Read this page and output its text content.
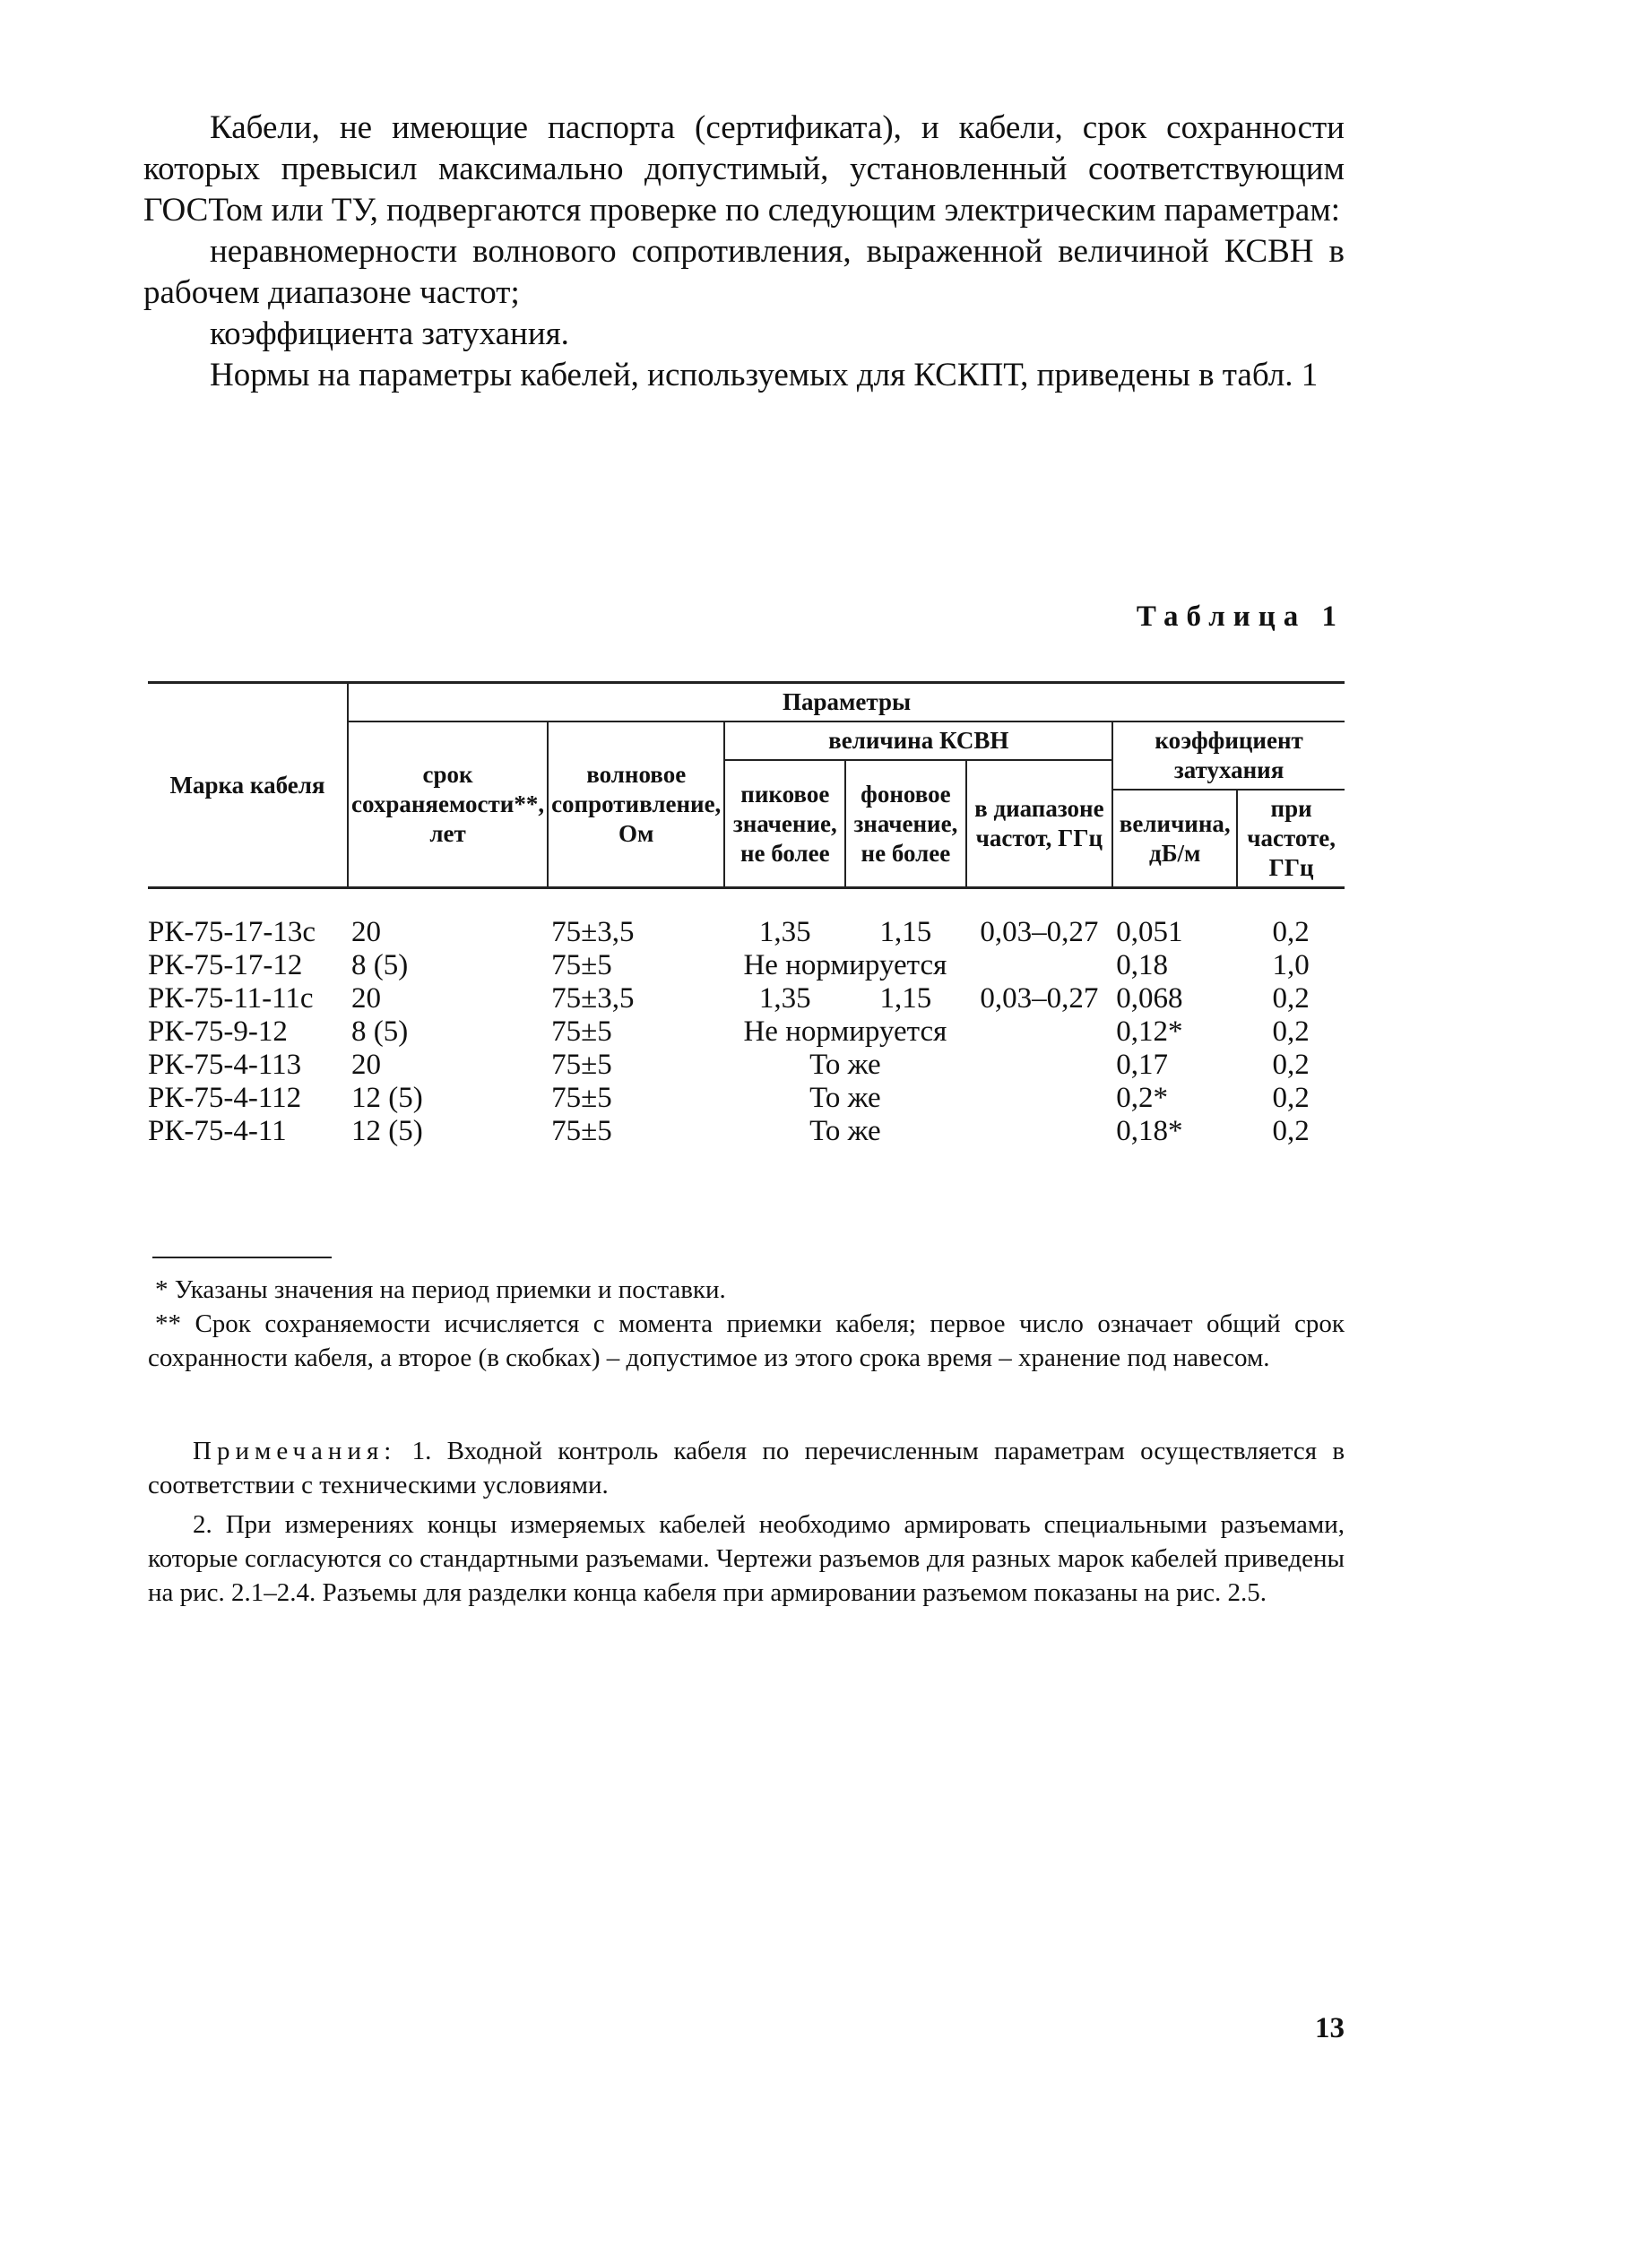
Кабели, не имеющие паспорта (сертификата), и кабели, срок сохранности которых превысил максимально допустимый, установленный соответствующим ГОСТом или ТУ, подвергаются проверке по следующим электрическим параметрам:

неравномерности волнового сопротивления, выраженной величиной КСВН в рабочем диапазоне частот;

коэффициента затухания.

Нормы на параметры кабелей, используемых для КСКПТ, приведены в табл. 1

Таблица 1
Марка кабеля	Параметры						
	срок сохраняемости**, лет	волновое сопротивление, Ом	величина КСВН			коэффициент затухания	
			пиковое значение, не более	фоновое значение, не более	в диапазоне частот, ГГц		
						величина, дБ/м	при частоте, ГГц
РК-75-17-13с	20	75±3,5	1,35	1,15	0,03–0,27	0,051	0,2
РК-75-17-12	8 (5)	75±5	Не нормируется			0,18	1,0
РК-75-11-11с	20	75±3,5	1,35	1,15	0,03–0,27	0,068	0,2
РК-75-9-12	8 (5)	75±5	Не нормируется			0,12*	0,2
РК-75-4-113	20	75±5	То же			0,17	0,2
РК-75-4-112	12 (5)	75±5	То же			0,2*	0,2
РК-75-4-11	12 (5)	75±5	То же			0,18*	0,2

* Указаны значения на период приемки и поставки.

** Срок сохраняемости исчисляется с момента приемки кабеля; первое число означает общий срок сохранности кабеля, а второе (в скобках) – допустимое из этого срока время – хранение под навесом.

Примечания: 1. Входной контроль кабеля по перечисленным параметрам осуществляется в соответствии с техническими условиями.

2. При измерениях концы измеряемых кабелей необходимо армировать специальными разъемами, которые согласуются со стандартными разъемами. Чертежи разъемов для разных марок кабелей приведены на рис. 2.1–2.4. Разъемы для разделки конца кабеля при армировании разъемом показаны на рис. 2.5.

13
